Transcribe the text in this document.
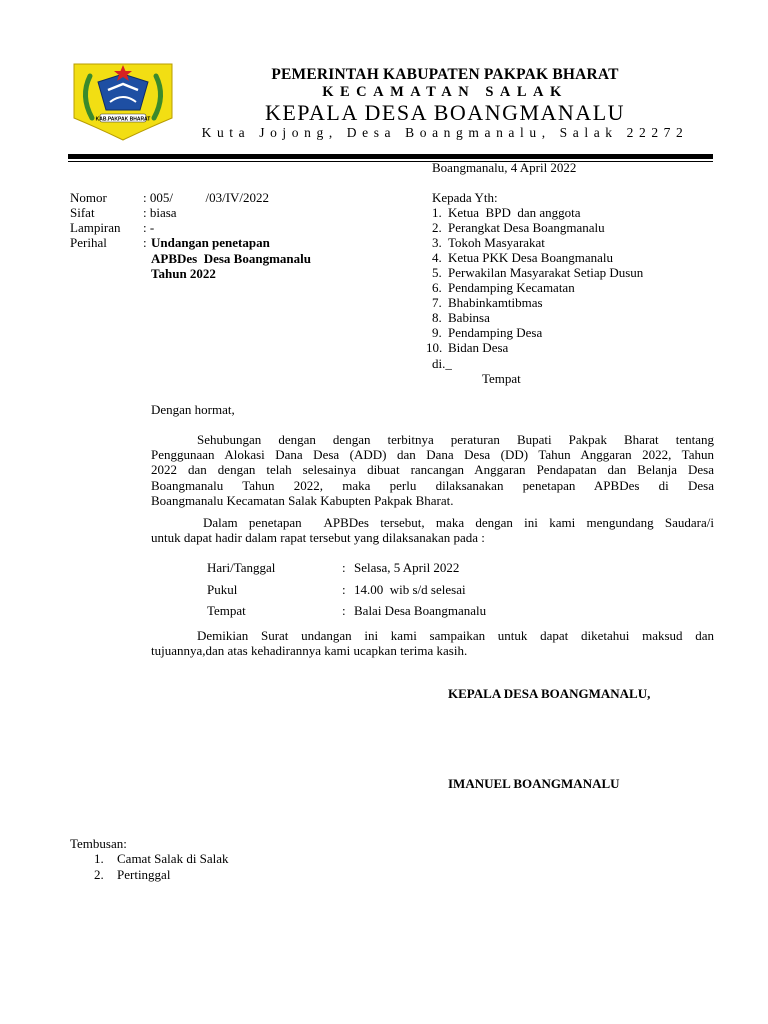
KAB.PAKPAK BHARAT
PEMERINTAH KABUPATEN PAKPAK BHARAT
KECAMATAN SALAK
KEPALA DESA BOANGMANALU
Kuta Jojong, Desa Boangmanalu, Salak 22272
Boangmanalu, 4 April 2022
Nomor	: 005/          /03/IV/2022
Sifat	: biasa
Lampiran : -
Perihal	: Undangan penetapan
APBDes  Desa Boangmanalu
Tahun 2022
Kepada Yth:
1. Ketua  BPD  dan anggota
2. Perangkat Desa Boangmanalu
3. Tokoh Masyarakat
4. Ketua PKK Desa Boangmanalu
5. Perwakilan Masyarakat Setiap Dusun
6. Pendamping Kecamatan
7. Bhabinkamtibmas
8. Babinsa
9. Pendamping Desa
10. Bidan Desa
di._
Tempat
Dengan hormat,
Sehubungan dengan dengan terbitnya peraturan Bupati Pakpak Bharat tentang
Penggunaan Alokasi Dana Desa (ADD) dan Dana Desa (DD) Tahun Anggaran 2022, Tahun
2022 dan dengan telah selesainya dibuat rancangan Anggaran Pendapatan dan Belanja Desa
Boangmanalu Tahun 2022, maka perlu dilaksanakan penetapan APBDes di Desa
Boangmanalu Kecamatan Salak Kabupten Pakpak Bharat.
Dalam penetapan  APBDes tersebut, maka dengan ini kami mengundang Saudara/i
untuk dapat hadir dalam rapat tersebut yang dilaksanakan pada :
Hari/Tanggal	: Selasa, 5 April 2022
Pukul	: 14.00  wib s/d selesai
Tempat	: Balai Desa Boangmanalu
Demikian Surat undangan ini kami sampaikan untuk dapat diketahui maksud dan
tujuannya,dan atas kehadirannya kami ucapkan terima kasih.
KEPALA DESA BOANGMANALU,
IMANUEL BOANGMANALU
Tembusan:
1. Camat Salak di Salak
2. Pertinggal
